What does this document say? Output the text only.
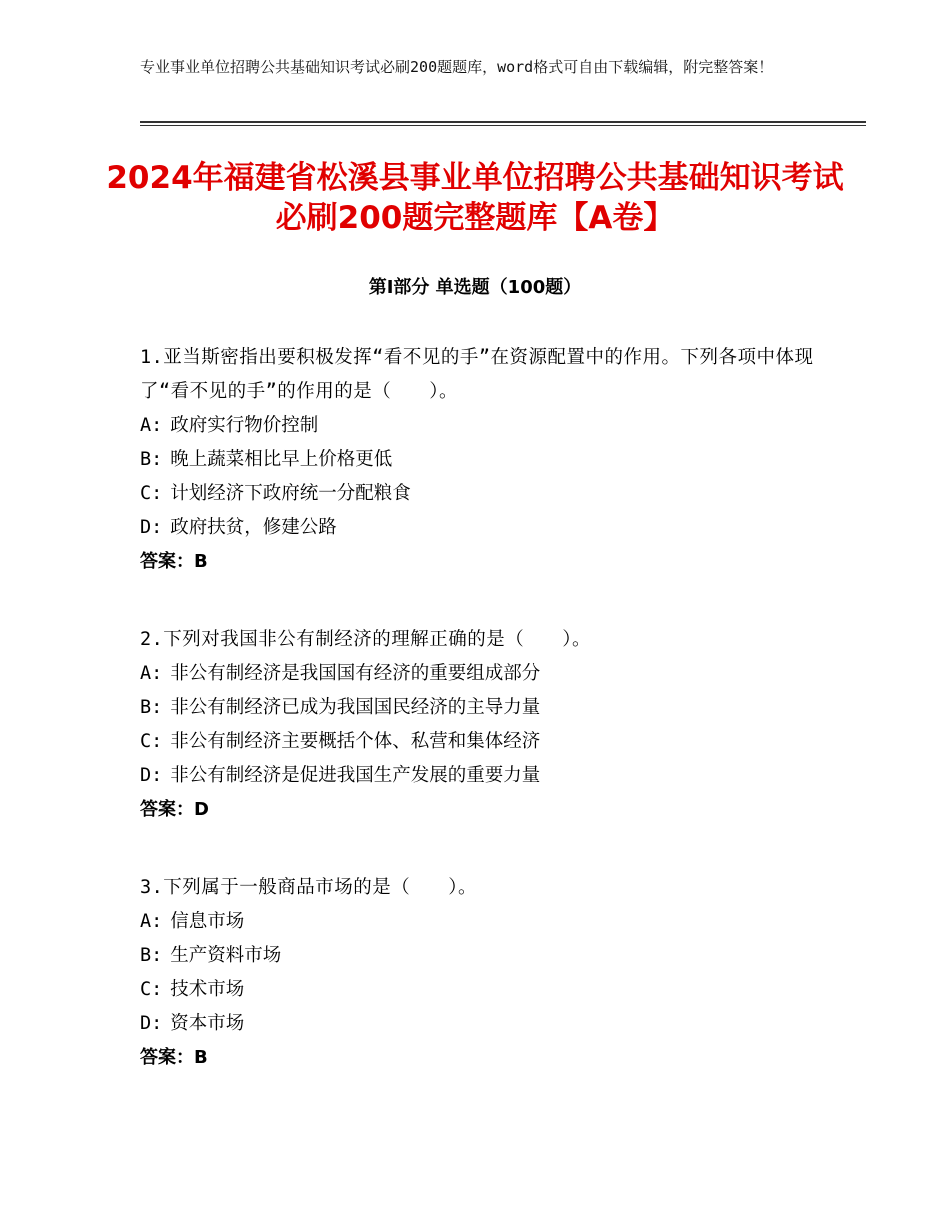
专业事业单位招聘公共基础知识考试必刷200题题库，word格式可自由下载编辑，附完整答案！
2024年福建省松溪县事业单位招聘公共基础知识考试必刷200题完整题库【A卷】
第Ⅰ部分 单选题（100题）

1.亚当斯密指出要积极发挥“看不见的手”在资源配置中的作用。下列各项中体现了“看不见的手”的作用的是（　　）。

A: 政府实行物价控制

B: 晚上蔬菜相比早上价格更低

C: 计划经济下政府统一分配粮食

D: 政府扶贫，修建公路

答案：B

2.下列对我国非公有制经济的理解正确的是（　　）。

A: 非公有制经济是我国国有经济的重要组成部分

B: 非公有制经济已成为我国国民经济的主导力量

C: 非公有制经济主要概括个体、私营和集体经济

D: 非公有制经济是促进我国生产发展的重要力量

答案：D

3.下列属于一般商品市场的是（　　）。

A: 信息市场

B: 生产资料市场

C: 技术市场

D: 资本市场

答案：B
